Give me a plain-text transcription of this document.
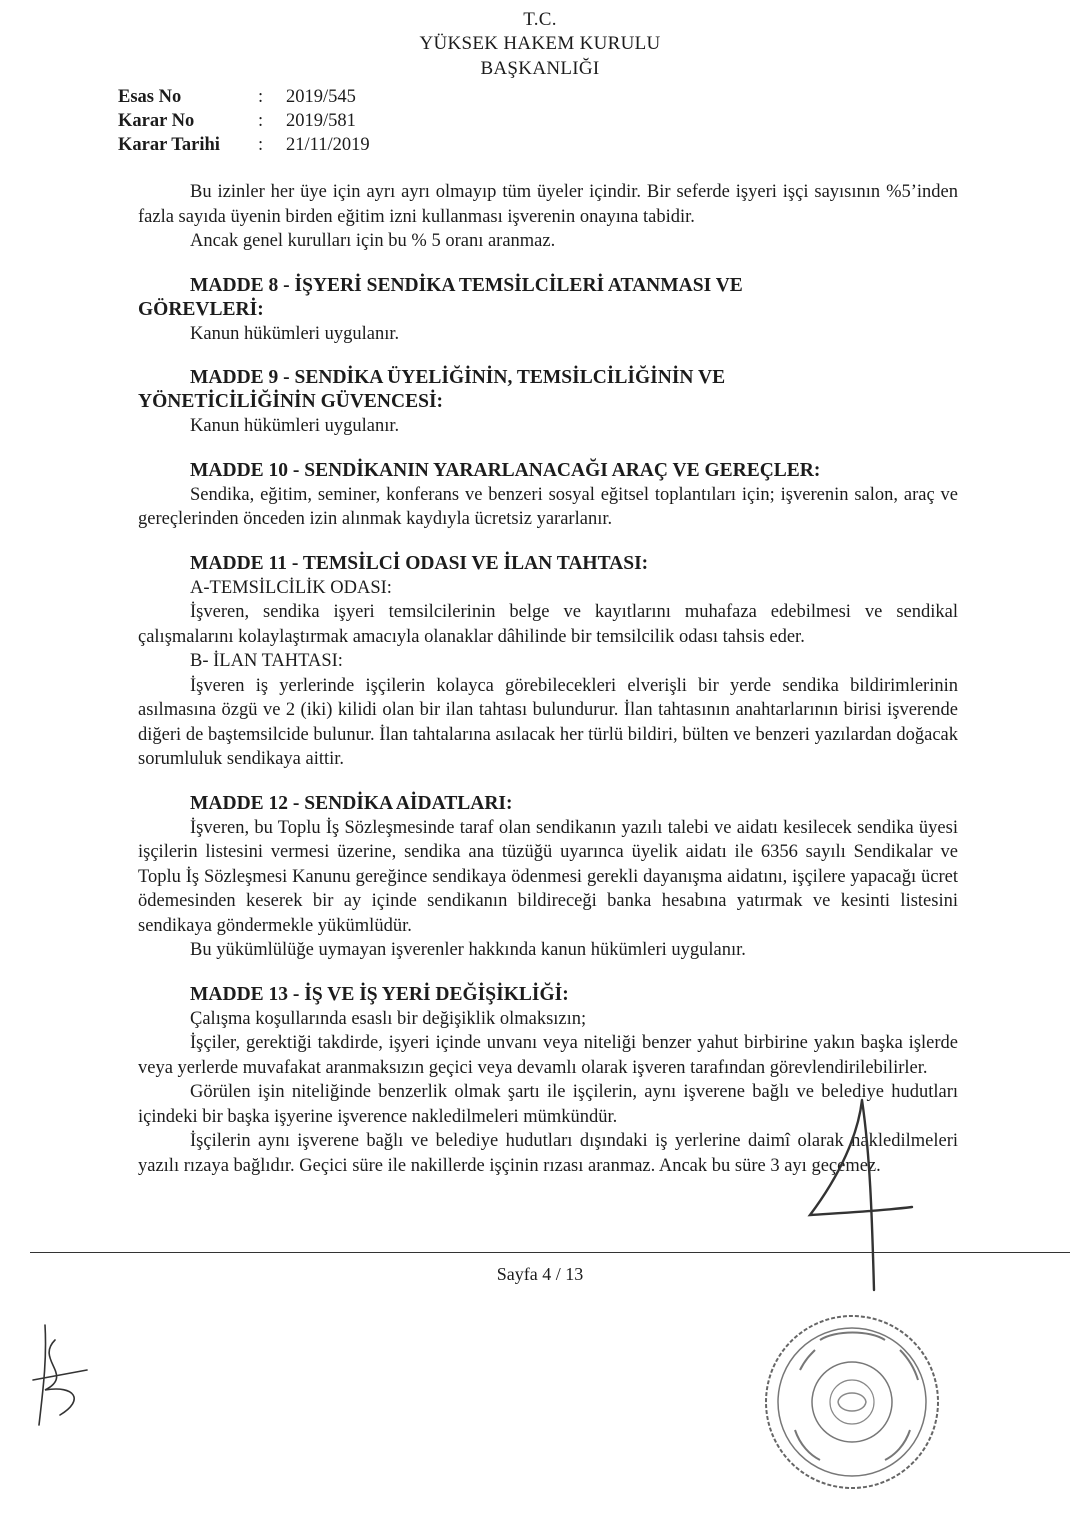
T.C.
YÜKSEK HAKEM KURULU
BAŞKANLIĞI
Esas No	:	2019/545
Karar No	:	2019/581
Karar Tarihi	:	21/11/2019

Bu izinler her üye için ayrı ayrı olmayıp tüm üyeler içindir. Bir seferde işyeri işçi sayısının %5’inden fazla sayıda üyenin birden eğitim izni kullanması işverenin onayına tabidir.

Ancak genel kurulları için bu % 5 oranı aranmaz.

MADDE 8 - İŞYERİ SENDİKA TEMSİLCİLERİ ATANMASI VE
GÖREVLERİ:

Kanun hükümleri uygulanır.

MADDE 9 - SENDİKA ÜYELİĞİNİN, TEMSİLCİLİĞİNİN VE
YÖNETİCİLİĞİNİN GÜVENCESİ:

Kanun hükümleri uygulanır.

MADDE 10 - SENDİKANIN YARARLANACAĞI ARAÇ VE GEREÇLER:

Sendika, eğitim, seminer, konferans ve benzeri sosyal eğitsel toplantıları için; işverenin salon, araç ve gereçlerinden önceden izin alınmak kaydıyla ücretsiz yararlanır.

MADDE 11 - TEMSİLCİ ODASI VE İLAN TAHTASI:

A-TEMSİLCİLİK ODASI:

İşveren, sendika işyeri temsilcilerinin belge ve kayıtlarını muhafaza edebilmesi ve sendikal çalışmalarını kolaylaştırmak amacıyla olanaklar dâhilinde bir temsilcilik odası tahsis eder.

B- İLAN TAHTASI:

İşveren iş yerlerinde işçilerin kolayca görebilecekleri elverişli bir yerde sendika bildirimlerinin asılmasına özgü ve 2 (iki) kilidi olan bir ilan tahtası bulundurur. İlan tahtasının anahtarlarının birisi işverende diğeri de baştemsilcide bulunur. İlan tahtalarına asılacak her türlü bildiri, bülten ve benzeri yazılardan doğacak sorumluluk sendikaya aittir.

MADDE 12 - SENDİKA AİDATLARI:

İşveren, bu Toplu İş Sözleşmesinde taraf olan sendikanın yazılı talebi ve aidatı kesilecek sendika üyesi işçilerin listesini vermesi üzerine, sendika ana tüzüğü uyarınca üyelik aidatı ile 6356 sayılı Sendikalar ve Toplu İş Sözleşmesi Kanunu gereğince sendikaya ödenmesi gerekli dayanışma aidatını, işçilere yapacağı ücret ödemesinden keserek bir ay içinde sendikanın bildireceği banka hesabına yatırmak ve kesinti listesini sendikaya göndermekle yükümlüdür.

Bu yükümlülüğe uymayan işverenler hakkında kanun hükümleri uygulanır.

MADDE 13 - İŞ VE İŞ YERİ DEĞİŞİKLİĞİ:

Çalışma koşullarında esaslı bir değişiklik olmaksızın;

İşçiler, gerektiği takdirde, işyeri içinde unvanı veya niteliği benzer yahut birbirine yakın başka işlerde veya yerlerde muvafakat aranmaksızın geçici veya devamlı olarak işveren tarafından görevlendirilebilirler.

Görülen işin niteliğinde benzerlik olmak şartı ile işçilerin, aynı işverene bağlı ve belediye hudutları içindeki bir başka işyerine işverence nakledilmeleri mümkündür.

İşçilerin aynı işverene bağlı ve belediye hudutları dışındaki iş yerlerine daimî olarak nakledilmeleri yazılı rızaya bağlıdır. Geçici süre ile nakillerde işçinin rızası aranmaz. Ancak bu süre 3 ayı geçemez.

Sayfa 4 / 13
